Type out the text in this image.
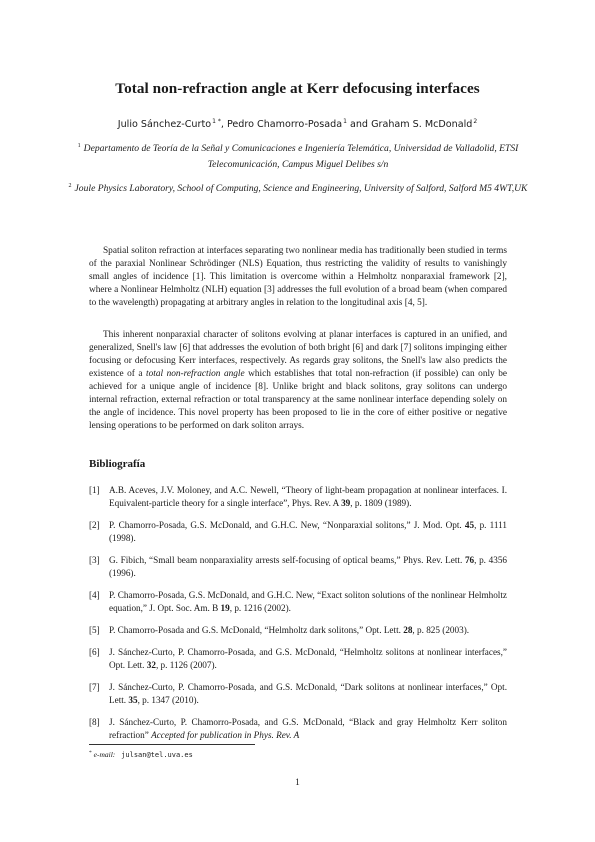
Total non-refraction angle at Kerr defocusing interfaces
Julio Sánchez-Curto$^{1 *}$, Pedro Chamorro-Posada$^1$ and Graham S. McDonald$^2$
$^1$ Departamento de Teoría de la Señal y Comunicaciones e Ingeniería Telemática, Universidad de Valladolid, ETSI Telecomunicación, Campus Miguel Delibes s/n
$^2$ Joule Physics Laboratory, School of Computing, Science and Engineering, University of Salford, Salford M5 4WT,UK

Spatial soliton refraction at interfaces separating two nonlinear media has traditionally been studied in terms of the paraxial Nonlinear Schrödinger (NLS) Equation, thus restricting the validity of results to vanishingly small angles of incidence [1]. This limitation is overcome within a Helmholtz nonparaxial framework [2], where a Nonlinear Helmholtz (NLH) equation [3] addresses the full evolution of a broad beam (when compared to the wavelength) propagating at arbitrary angles in relation to the longitudinal axis [4, 5].

This inherent nonparaxial character of solitons evolving at planar interfaces is captured in an unified, and generalized, Snell's law [6] that addresses the evolution of both bright [6] and dark [7] solitons impinging either focusing or defocusing Kerr interfaces, respectively. As regards gray solitons, the Snell's law also predicts the existence of a total non-refraction angle which establishes that total non-refraction (if possible) can only be achieved for a unique angle of incidence [8]. Unlike bright and black solitons, gray solitons can undergo internal refraction, external refraction or total transparency at the same nonlinear interface depending solely on the angle of incidence. This novel property has been proposed to lie in the core of either positive or negative lensing operations to be performed on dark soliton arrays.

Bibliografía
[1] A.B. Aceves, J.V. Moloney, and A.C. Newell, “Theory of light-beam propagation at nonlinear interfaces. I. Equivalent-particle theory for a single interface”, Phys. Rev. A 39, p. 1809 (1989).
[2] P. Chamorro-Posada, G.S. McDonald, and G.H.C. New, “Nonparaxial solitons,” J. Mod. Opt. 45, p. 1111 (1998).
[3] G. Fibich, “Small beam nonparaxiality arrests self-focusing of optical beams,” Phys. Rev. Lett. 76, p. 4356 (1996).
[4] P. Chamorro-Posada, G.S. McDonald, and G.H.C. New, “Exact soliton solutions of the nonlinear Helmholtz equation,” J. Opt. Soc. Am. B 19, p. 1216 (2002).
[5] P. Chamorro-Posada and G.S. McDonald, “Helmholtz dark solitons,” Opt. Lett. 28, p. 825 (2003).
[6] J. Sánchez-Curto, P. Chamorro-Posada, and G.S. McDonald, “Helmholtz solitons at nonlinear interfaces,” Opt. Lett. 32, p. 1126 (2007).
[7] J. Sánchez-Curto, P. Chamorro-Posada, and G.S. McDonald, “Dark solitons at nonlinear interfaces,” Opt. Lett. 35, p. 1347 (2010).
[8] J. Sánchez-Curto, P. Chamorro-Posada, and G.S. McDonald, “Black and gray Helmholtz Kerr soliton refraction” Accepted for publication in Phys. Rev. A
* e-mail: julsan@tel.uva.es
1
